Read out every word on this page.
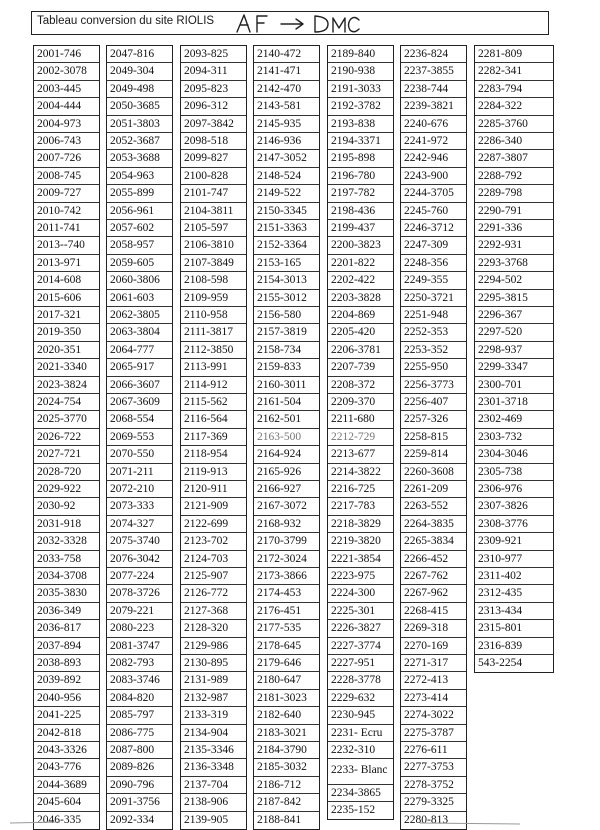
Tableau conversion du site RIOLIS
2001-746
2002-3078
2003-445
2004-444
2004-973
2006-743
2007-726
2008-745
2009-727
2010-742
2011-741
2013--740
2013-971
2014-608
2015-606
2017-321
2019-350
2020-351
2021-3340
2023-3824
2024-754
2025-3770
2026-722
2027-721
2028-720
2029-922
2030-92
2031-918
2032-3328
2033-758
2034-3708
2035-3830
2036-349
2036-817
2037-894
2038-893
2039-892
2040-956
2041-225
2042-818
2043-3326
2043-776
2044-3689
2045-604
2046-335
2047-816
2049-304
2049-498
2050-3685
2051-3803
2052-3687
2053-3688
2054-963
2055-899
2056-961
2057-602
2058-957
2059-605
2060-3806
2061-603
2062-3805
2063-3804
2064-777
2065-917
2066-3607
2067-3609
2068-554
2069-553
2070-550
2071-211
2072-210
2073-333
2074-327
2075-3740
2076-3042
2077-224
2078-3726
2079-221
2080-223
2081-3747
2082-793
2083-3746
2084-820
2085-797
2086-775
2087-800
2089-826
2090-796
2091-3756
2092-334
2093-825
2094-311
2095-823
2096-312
2097-3842
2098-518
2099-827
2100-828
2101-747
2104-3811
2105-597
2106-3810
2107-3849
2108-598
2109-959
2110-958
2111-3817
2112-3850
2113-991
2114-912
2115-562
2116-564
2117-369
2118-954
2119-913
2120-911
2121-909
2122-699
2123-702
2124-703
2125-907
2126-772
2127-368
2128-320
2129-986
2130-895
2131-989
2132-987
2133-319
2134-904
2135-3346
2136-3348
2137-704
2138-906
2139-905
2140-472
2141-471
2142-470
2143-581
2145-935
2146-936
2147-3052
2148-524
2149-522
2150-3345
2151-3363
2152-3364
2153-165
2154-3013
2155-3012
2156-580
2157-3819
2158-734
2159-833
2160-3011
2161-504
2162-501
2163-500
2164-924
2165-926
2166-927
2167-3072
2168-932
2170-3799
2172-3024
2173-3866
2174-453
2176-451
2177-535
2178-645
2179-646
2180-647
2181-3023
2182-640
2183-3021
2184-3790
2185-3032
2186-712
2187-842
2188-841
2189-840
2190-938
2191-3033
2192-3782
2193-838
2194-3371
2195-898
2196-780
2197-782
2198-436
2199-437
2200-3823
2201-822
2202-422
2203-3828
2204-869
2205-420
2206-3781
2207-739
2208-372
2209-370
2211-680
2212-729
2213-677
2214-3822
2216-725
2217-783
2218-3829
2219-3820
2221-3854
2223-975
2224-300
2225-301
2226-3827
2227-3774
2227-951
2228-3778
2229-632
2230-945
2231- Ecru
2232-310
2233- Blanc
2234-3865
2235-152
2236-824
2237-3855
2238-744
2239-3821
2240-676
2241-972
2242-946
2243-900
2244-3705
2245-760
2246-3712
2247-309
2248-356
2249-355
2250-3721
2251-948
2252-353
2253-352
2255-950
2256-3773
2256-407
2257-326
2258-815
2259-814
2260-3608
2261-209
2263-552
2264-3835
2265-3834
2266-452
2267-762
2267-962
2268-415
2269-318
2270-169
2271-317
2272-413
2273-414
2274-3022
2275-3787
2276-611
2277-3753
2278-3752
2279-3325
2280-813
2281-809
2282-341
2283-794
2284-322
2285-3760
2286-340
2287-3807
2288-792
2289-798
2290-791
2291-336
2292-931
2293-3768
2294-502
2295-3815
2296-367
2297-520
2298-937
2299-3347
2300-701
2301-3718
2302-469
2303-732
2304-3046
2305-738
2306-976
2307-3826
2308-3776
2309-921
2310-977
2311-402
2312-435
2313-434
2315-801
2316-839
543-2254
